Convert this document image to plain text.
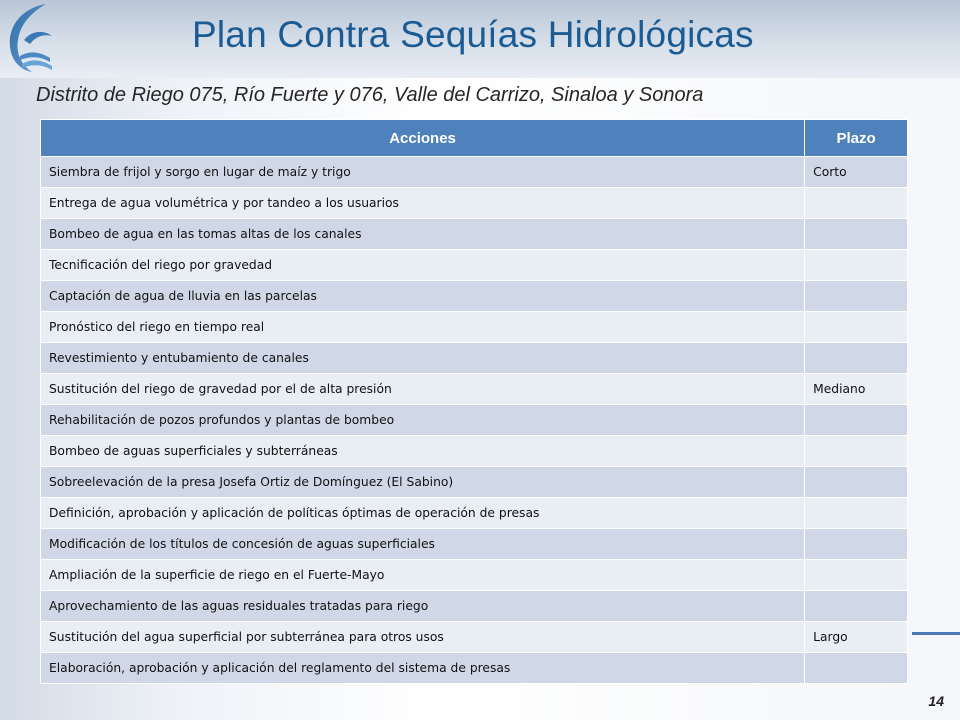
Plan Contra Sequías Hidrológicas
Distrito de Riego 075, Río Fuerte y 076, Valle del Carrizo, Sinaloa y Sonora
Acciones	Plazo
Siembra de frijol y sorgo en lugar de maíz y trigo	Corto
Entrega de agua volumétrica y por tandeo a los usuarios	
Bombeo de agua en las tomas altas de los canales	
Tecnificación del riego por gravedad	
Captación de agua de lluvia en las parcelas	
Pronóstico del riego en tiempo real	
Revestimiento y entubamiento de canales	
Sustitución del riego de gravedad por el de alta presión	Mediano
Rehabilitación de pozos profundos y plantas de bombeo	
Bombeo de aguas superficiales y subterráneas	
Sobreelevación de la presa Josefa Ortiz de Domínguez (El Sabino)	
Definición, aprobación y aplicación de políticas óptimas de operación de presas	
Modificación de los títulos de concesión de aguas superficiales	
Ampliación de la superficie de riego en el Fuerte-Mayo	
Aprovechamiento de las aguas residuales tratadas para riego	
Sustitución del agua superficial por subterránea para otros usos	Largo
Elaboración, aprobación y aplicación del reglamento del sistema de presas	
14
